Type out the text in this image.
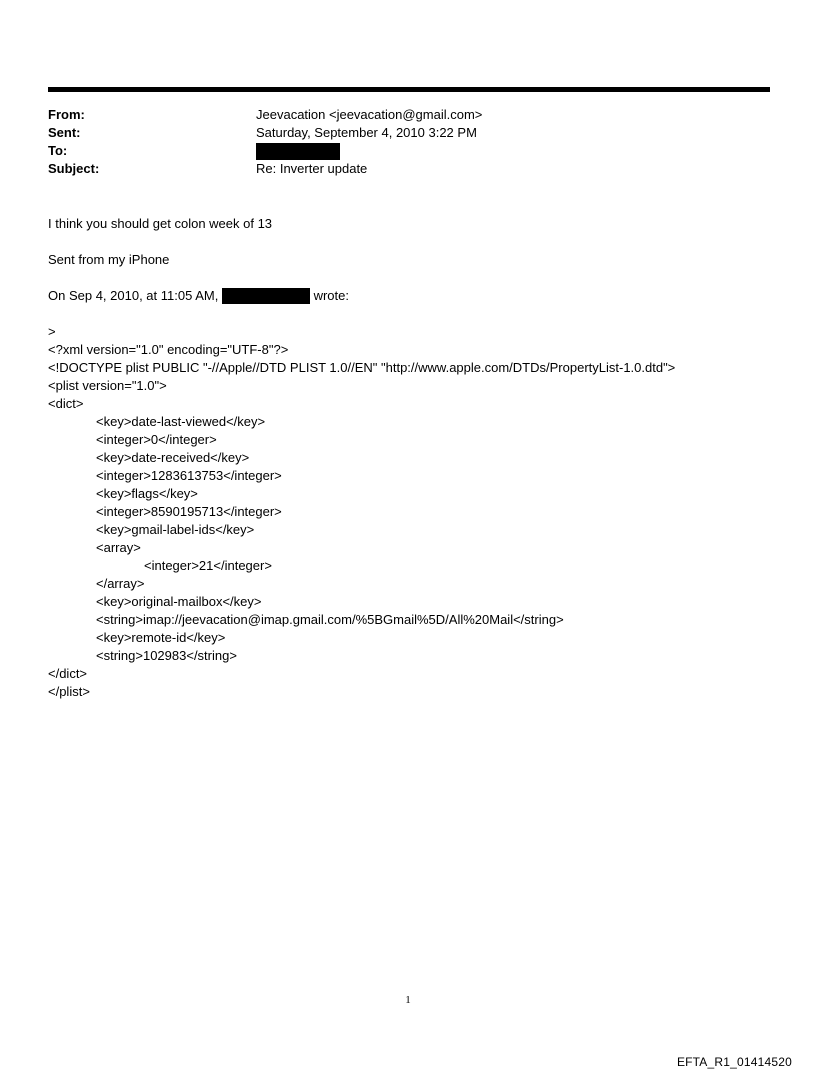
From:	Jeevacation <jeevacation@gmail.com>
Sent:	Saturday, September 4, 2010 3:22 PM
To:
Subject:	Re: Inverter update
I think you should get colon week of 13
Sent from my iPhone
On Sep 4, 2010, at 11:05 AM,	wrote:
>
<?xml version="1.0" encoding="UTF-8"?>
<!DOCTYPE plist PUBLIC "-//Apple//DTD PLIST 1.0//EN" "http://www.apple.com/DTDs/PropertyList-1.0.dtd">
<plist version="1.0">
<dict>
<key>date-last-viewed</key>
<integer>0</integer>
<key>date-received</key>
<integer>1283613753</integer>
<key>flags</key>
<integer>8590195713</integer>
<key>gmail-label-ids</key>
<array>
<integer>21</integer>
</array>
<key>original-mailbox</key>
<string>imap://jeevacation@imap.gmail.com/%5BGmail%5D/All%20Mail</string>
<key>remote-id</key>
<string>102983</string>
</dict>
</plist>
1
EFTA_R1_01414520
